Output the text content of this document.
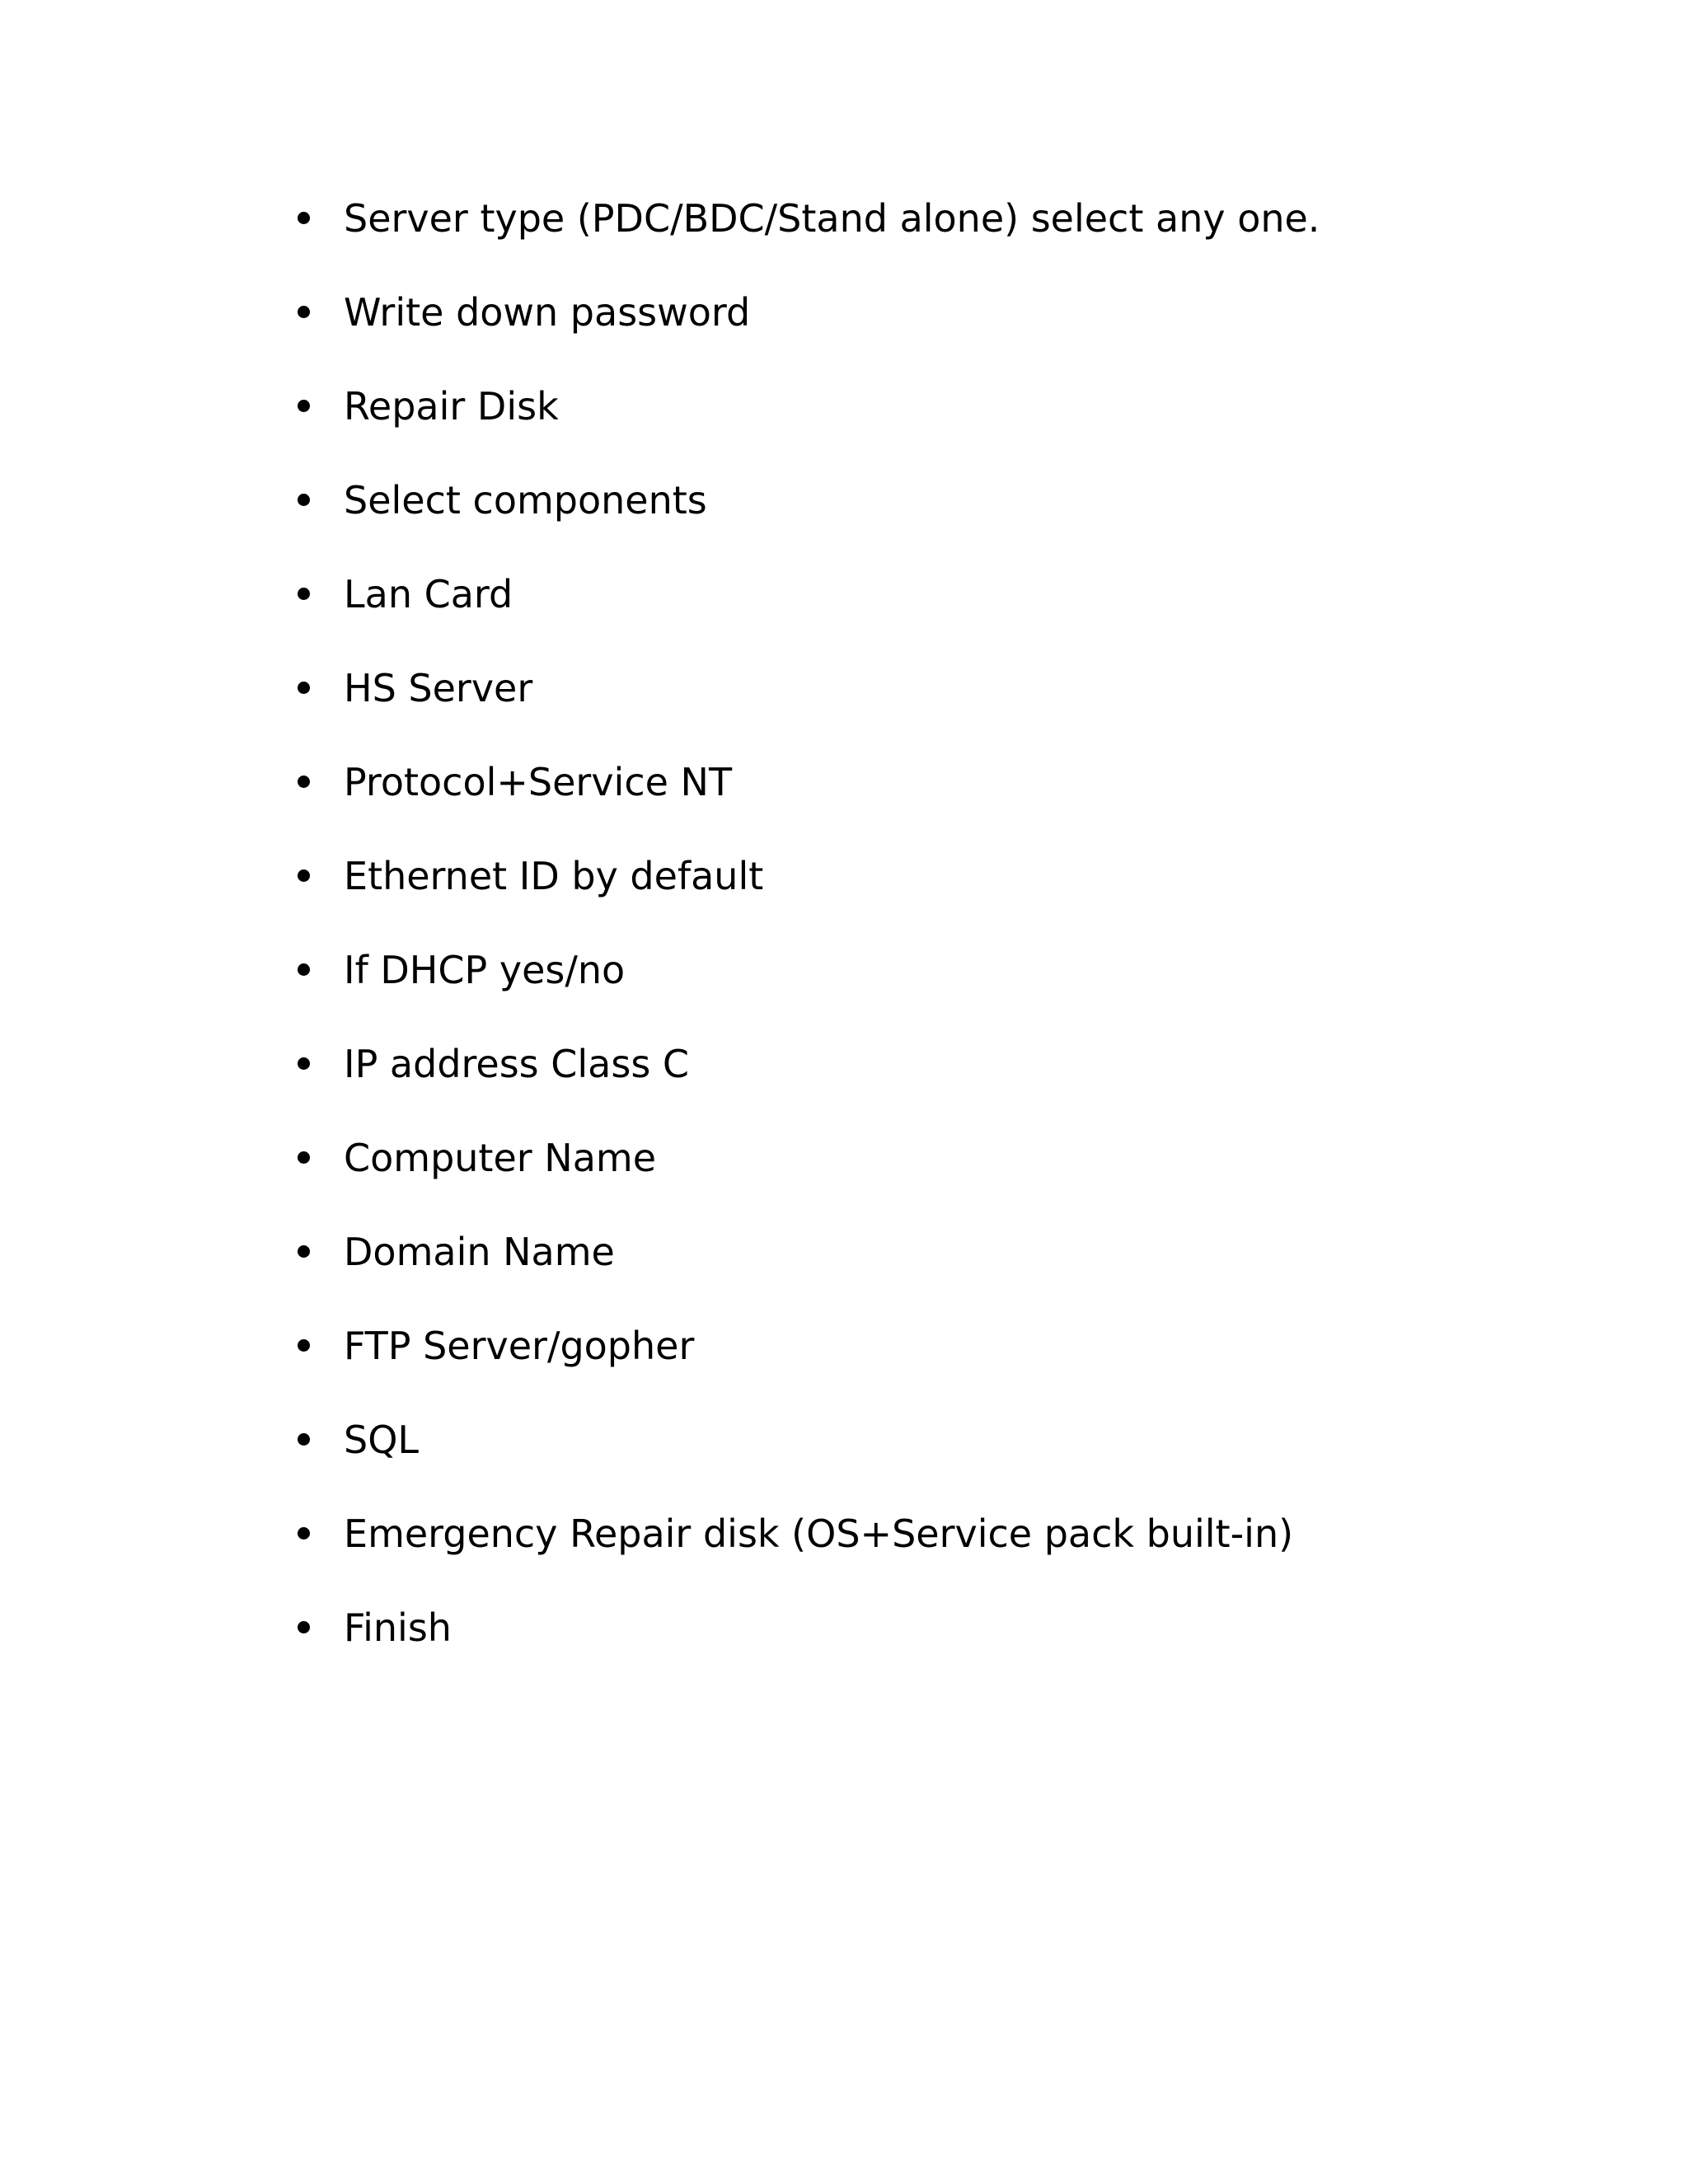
Server type (PDC/BDC/Stand alone) select any one.
Write down password
Repair Disk
Select components
Lan Card
HS Server
Protocol+Service NT
Ethernet ID by default
If DHCP yes/no
IP address Class C
Computer Name
Domain Name
FTP Server/gopher
SQL
Emergency Repair disk (OS+Service pack built-in)
Finish
